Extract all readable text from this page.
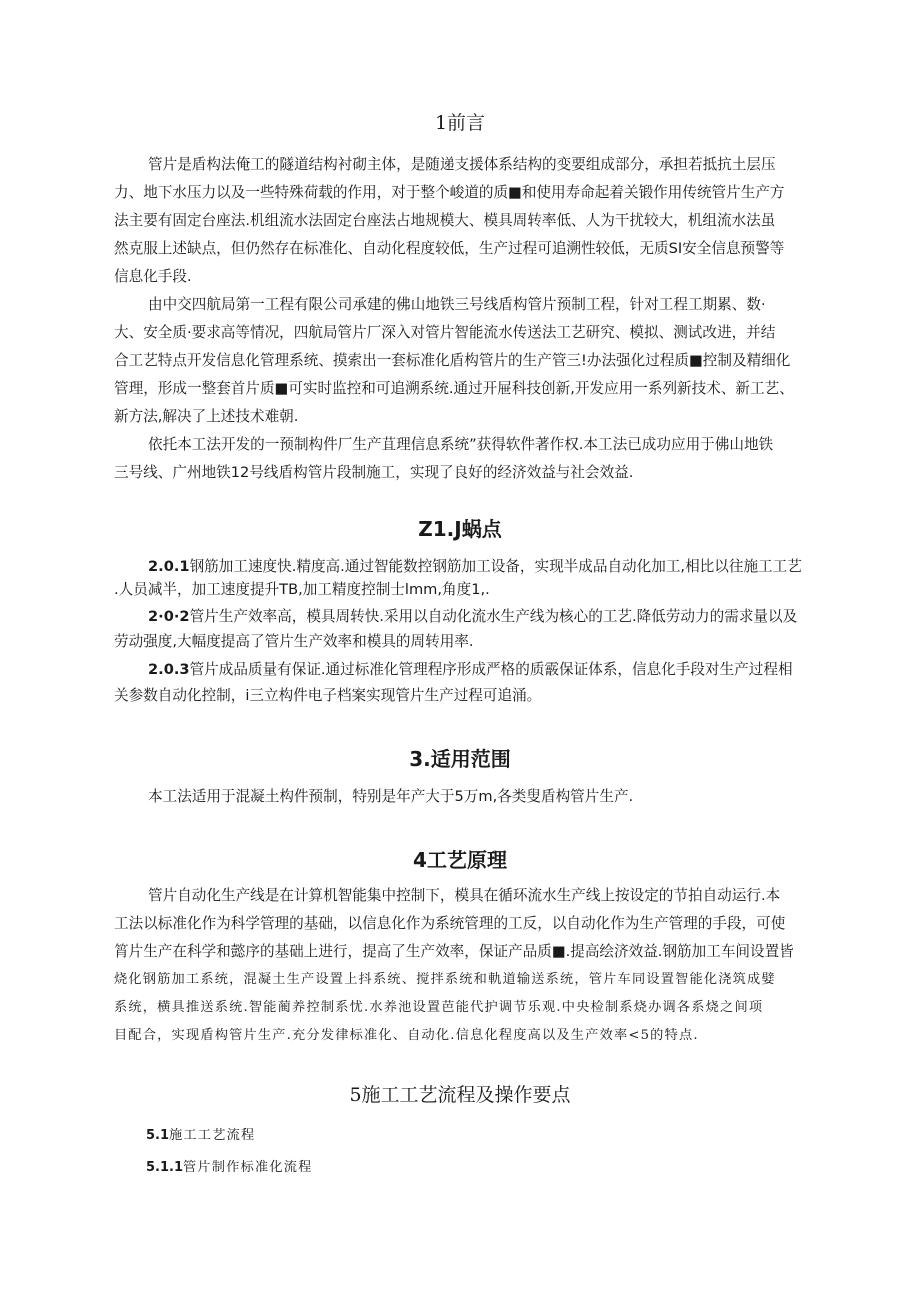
1前言
管片是盾构法俺工的隧道结构衬砌主体，是随递支援体系结构的变要组成部分，承担若抵抗土层压
力、地下水压力以及一些特殊荷载的作用，对于整个峻道的质■和使用寿命起着关锻作用传统管片生产方
法主要有固定台座法.机组流水法固定台座法占地规模大、模具周转率低、人为干扰较大，机组流水法虽
然克服上述缺点，但仍然存在标准化、自动化程度较低，生产过程可追溯性较低，无质SI安全信息预警等
信息化手段.
由中交四航局第一工程有限公司承建的佛山地铁三号线盾构管片预制工程，针对工程工期累、数·
大、安全质·要求高等情况，四航局管片厂深入对管片智能流水传送法工艺研究、模拟、测试改进，并结
合工艺特点开发信息化管理系统、摸索出一套标准化盾构管片的生产管三!办法强化过程质■控制及精细化
管理，形成一整套首片质■可实时监控和可追溯系统.通过开屉科技创新,开发应用一系列新技术、新工艺、
新方法,解决了上述技术难朝.
依托本工法开发的一预制构件厂生产苴理信息系统”获得软件著作权.本工法已成功应用于佛山地铁
三号线、广州地铁12号线盾构管片段制施工，实现了良好的经济效益与社会效益.
Z1.J蜗点
2.0.1钢筋加工速度快.精度高.通过智能数控钢筋加工设备，实现半成品自动化加工,相比以往施工工艺
.人员减半，加工速度提升TB,加工精度控制士lmm,角度1,.
2·0·2管片生产效率高，模具周转快.采用以自动化流水生产线为核心的工艺.降低劳动力的需求量以及
劳动强度,大幅度提高了管片生产效率和模具的周转用率.
2.0.3管片成品质量有保证.通过标准化管理程序形成严格的质霰保证体系，信息化手段对生产过程相
关参数自动化控制，i三立构件电子档案实现管片生产过程可追涌。
3.适用范围
本工法适用于混凝土构件预制，特别是年产大于5万m,各类叟盾构管片生产.
4工艺原理
管片自动化生产线是在计算机智能集中控制下，模具在循环流水生产线上按设定的节拍自动运行.本
工法以标准化作为科学管理的基础，以信息化作为系统管理的工反，以自动化作为生产管理的手段，可使
筲片生产在科学和懿序的基础上进行，提高了生产效率，保证产品质■.提高绘济效益.钢筋加工车间设置皆
烧化钢筋加工系统，混凝土生产设置上抖系统、搅拌系统和軌道输送系统，管片车同设置智能化浇筑成嬖
系统，横具推送系统.智能蔺养控制系忧.水养池设置芭能代护调节乐观.中央检制系烧办调各系烧之间项
目配合，实现盾构管片生产.充分发律标准化、自动化.信息化程度高以及生产效率<5的特点.
5施工工艺流程及操作要点
5.1施工工艺流程
5.1.1管片制作标准化流程
